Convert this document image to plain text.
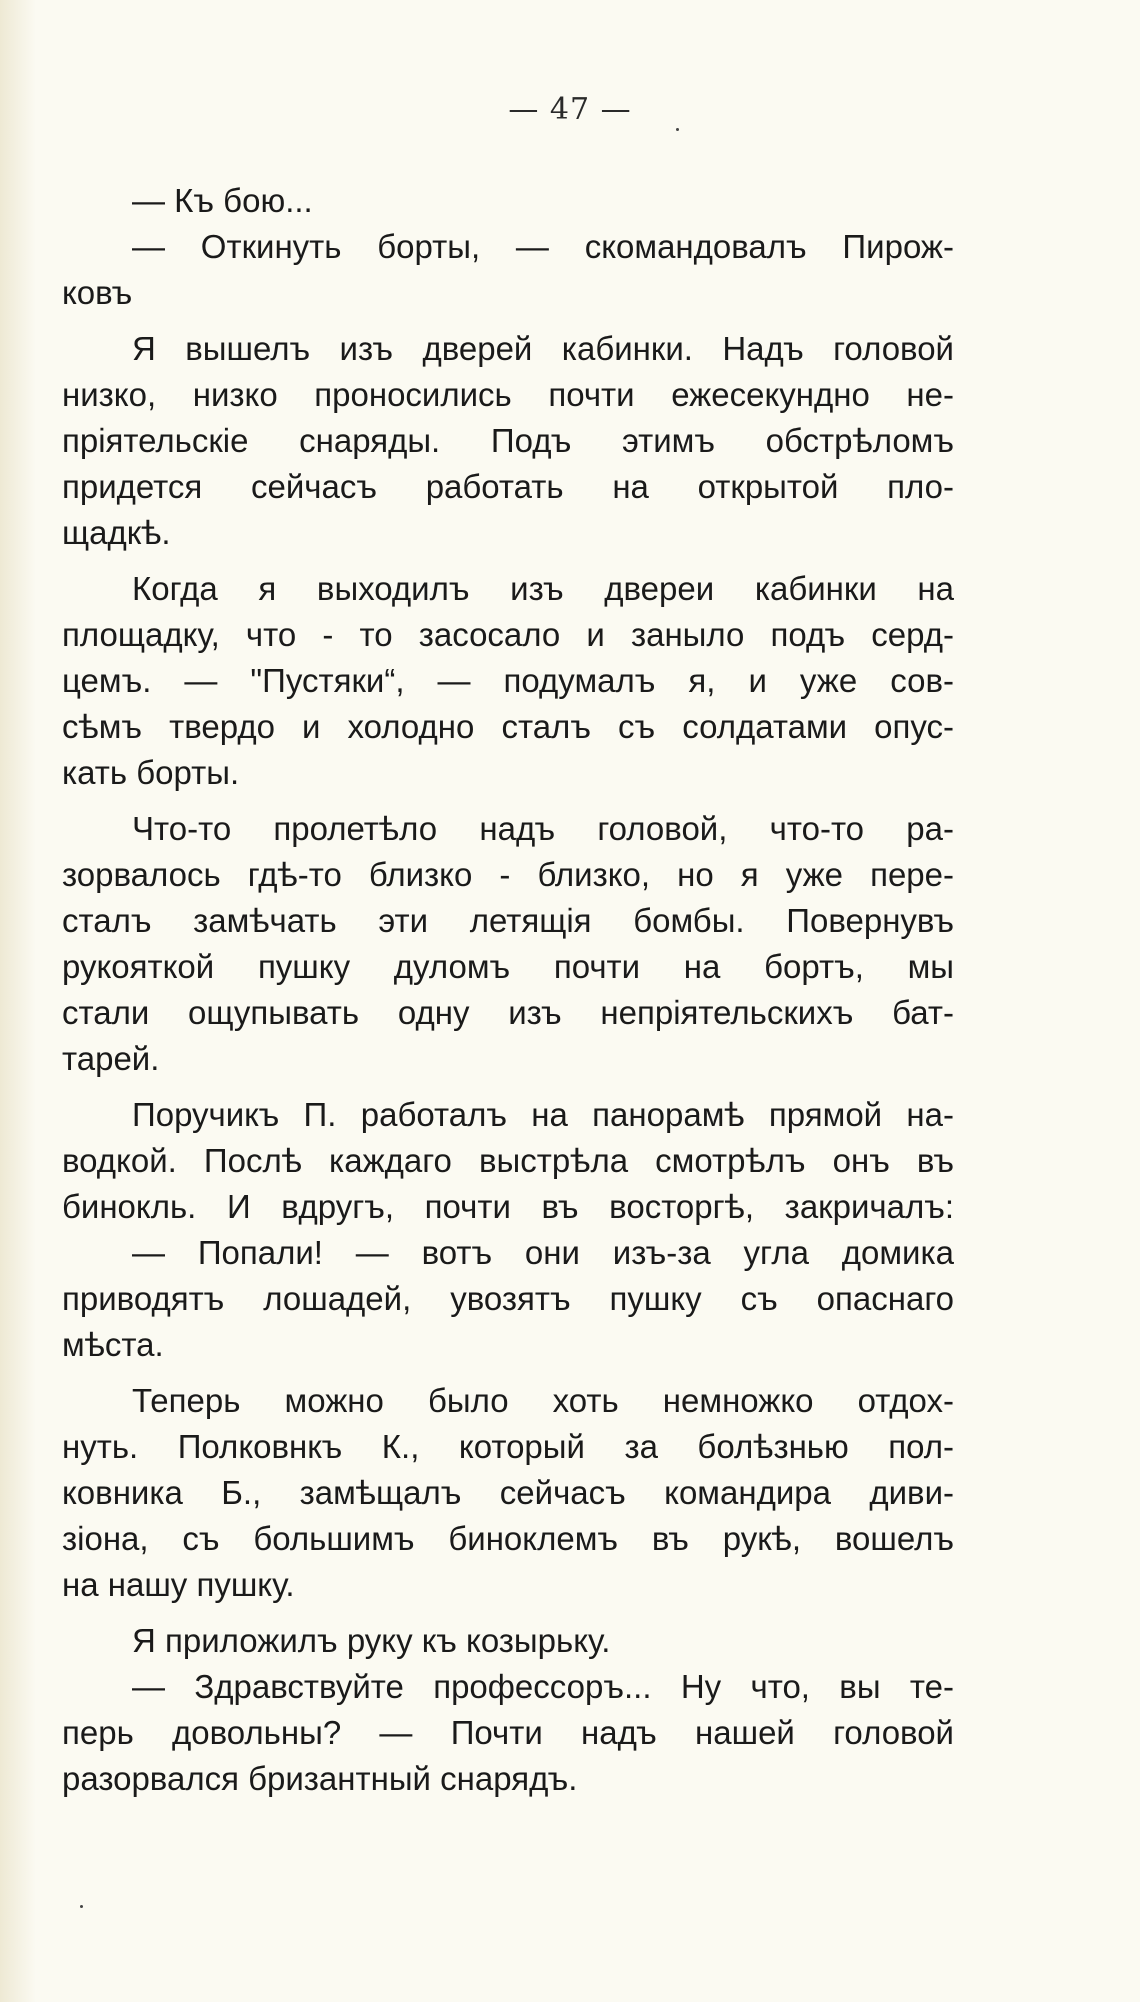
— 47 —
— Къ бою...
— Откинуть борты, — скомандовалъ Пирож-
ковъ
Я вышелъ изъ дверей кабинки. Надъ головой
низко, низко проносились почти ежесекундно не-
пріятельскіе снаряды. Подъ этимъ обстрѣломъ
придется сейчасъ работать на открытой пло-
щадкѣ.
Когда я выходилъ изъ двереи кабинки на
площадку, что - то засосало и заныло подъ серд-
цемъ. — "Пустяки“, — подумалъ я, и уже сов-
сѣмъ твердо и холодно сталъ съ солдатами опус-
кать борты.
Что-то пролетѣло надъ головой, что-то ра-
зорвалось гдѣ-то близко - близко, но я уже пере-
сталъ замѣчать эти летящія бомбы. Повернувъ
рукояткой пушку дуломъ почти на бортъ, мы
стали ощупывать одну изъ непріятельскихъ бат-
тарей.
Поручикъ П. работалъ на панорамѣ прямой на-
водкой. Послѣ каждаго выстрѣла смотрѣлъ онъ въ
бинокль. И вдругъ, почти въ восторгѣ, закричалъ:
— Попали! — вотъ они изъ-за угла домика
приводятъ лошадей, увозятъ пушку съ опаснаго
мѣста.
Теперь можно было хоть немножко отдох-
нуть. Полковнкъ К., который за болѣзнью пол-
ковника Б., замѣщалъ сейчасъ командира диви-
зіона, съ большимъ биноклемъ въ рукѣ, вошелъ
на нашу пушку.
Я приложилъ руку къ козырьку.
— Здравствуйте профессоръ... Ну что, вы те-
перь довольны? — Почти надъ нашей головой
разорвался бризантный снарядъ.
